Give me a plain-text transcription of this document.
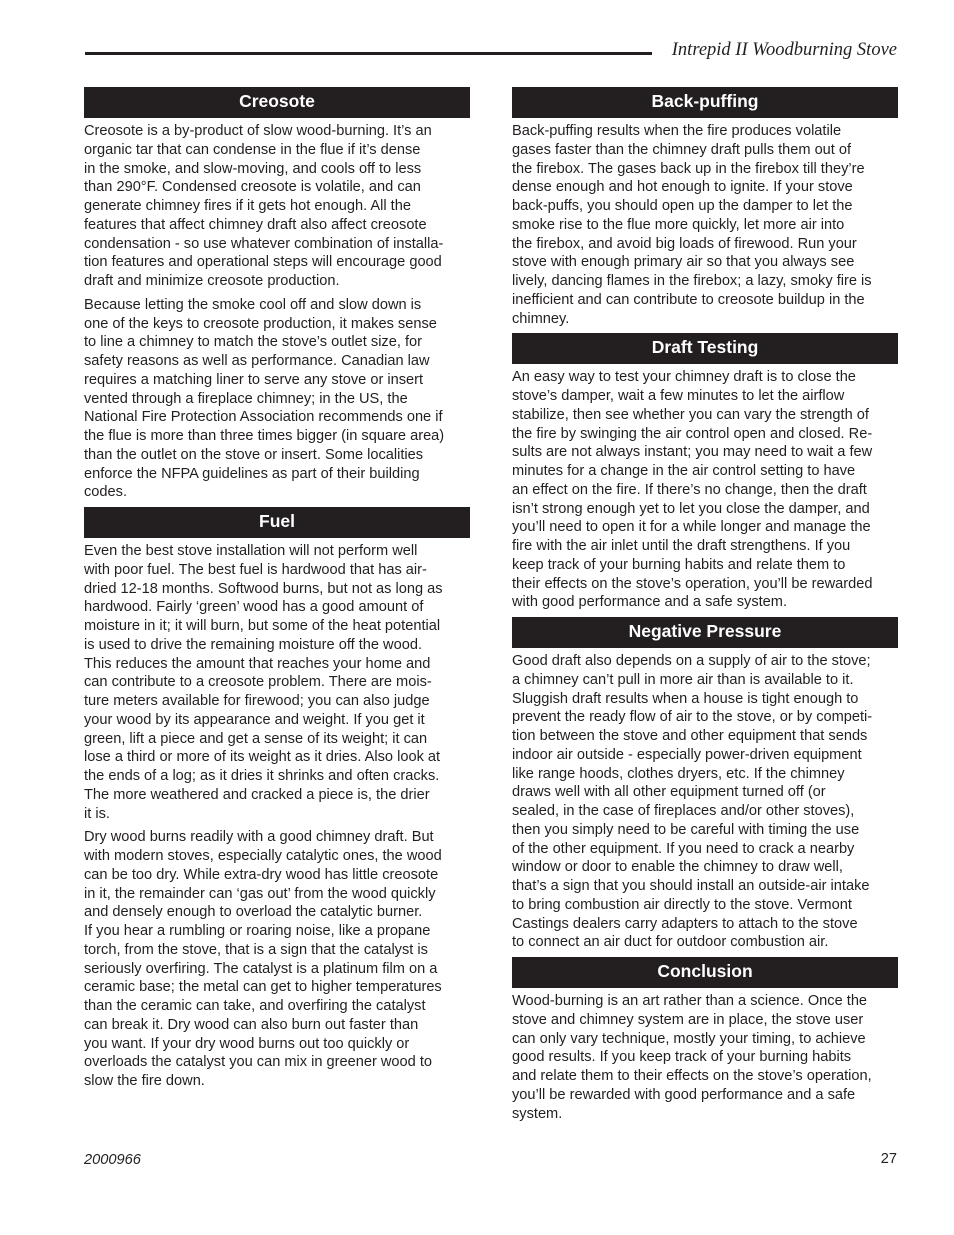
Intrepid II Woodburning Stove
Creosote

Creosote is a by-product of slow wood-burning. It’s an
organic tar that can condense in the flue if it’s dense
in the smoke, and slow-moving, and cools off to less
than 290°F. Condensed creosote is volatile, and can
generate chimney fires if it gets hot enough. All the
features that affect chimney draft also affect creosote
condensation - so use whatever combination of installa-
tion features and operational steps will encourage good
draft and minimize creosote production.

Because letting the smoke cool off and slow down is
one of the keys to creosote production, it makes sense
to line a chimney to match the stove’s outlet size, for
safety reasons as well as performance. Canadian law
requires a matching liner to serve any stove or insert
vented through a fireplace chimney; in the US, the
National Fire Protection Association recommends one if
the flue is more than three times bigger (in square area)
than the outlet on the stove or insert. Some localities
enforce the NFPA guidelines as part of their building
codes.

Fuel

Even the best stove installation will not perform well
with poor fuel. The best fuel is hardwood that has air-
dried 12-18 months. Softwood burns, but not as long as
hardwood. Fairly ‘green’ wood has a good amount of
moisture in it; it will burn, but some of the heat potential
is used to drive the remaining moisture off the wood.
This reduces the amount that reaches your home and
can contribute to a creosote problem. There are mois-
ture meters available for firewood; you can also judge
your wood by its appearance and weight. If you get it
green, lift a piece and get a sense of its weight; it can
lose a third or more of its weight as it dries. Also look at
the ends of a log; as it dries it shrinks and often cracks.
The more weathered and cracked a piece is, the drier
it is.

Dry wood burns readily with a good chimney draft. But
with modern stoves, especially catalytic ones, the wood
can be too dry. While extra-dry wood has little creosote
in it, the remainder can ‘gas out’ from the wood quickly
and densely enough to overload the catalytic burner.
If you hear a rumbling or roaring noise, like a propane
torch, from the stove, that is a sign that the catalyst is
seriously overfiring. The catalyst is a platinum film on a
ceramic base; the metal can get to higher temperatures
than the ceramic can take, and overfiring the catalyst
can break it. Dry wood can also burn out faster than
you want. If your dry wood burns out too quickly or
overloads the catalyst you can mix in greener wood to
slow the fire down.

Back-puffing

Back-puffing results when the fire produces volatile
gases faster than the chimney draft pulls them out of
the firebox. The gases back up in the firebox till they’re
dense enough and hot enough to ignite. If your stove
back-puffs, you should open up the damper to let the
smoke rise to the flue more quickly, let more air into
the firebox, and avoid big loads of firewood. Run your
stove with enough primary air so that you always see
lively, dancing flames in the firebox; a lazy, smoky fire is
inefficient and can contribute to creosote buildup in the
chimney.

Draft Testing

An easy way to test your chimney draft is to close the
stove’s damper, wait a few minutes to let the airflow
stabilize, then see whether you can vary the strength of
the fire by swinging the air control open and closed. Re-
sults are not always instant; you may need to wait a few
minutes for a change in the air control setting to have
an effect on the fire. If there’s no change, then the draft
isn’t strong enough yet to let you close the damper, and
you’ll need to open it for a while longer and manage the
fire with the air inlet until the draft strengthens. If you
keep track of your burning habits and relate them to
their effects on the stove’s operation, you’ll be rewarded
with good performance and a safe system.

Negative Pressure

Good draft also depends on a supply of air to the stove;
a chimney can’t pull in more air than is available to it.
Sluggish draft results when a house is tight enough to
prevent the ready flow of air to the stove, or by competi-
tion between the stove and other equipment that sends
indoor air outside - especially power-driven equipment
like range hoods, clothes dryers, etc. If the chimney
draws well with all other equipment turned off (or
sealed, in the case of fireplaces and/or other stoves),
then you simply need to be careful with timing the use
of the other equipment. If you need to crack a nearby
window or door to enable the chimney to draw well,
that’s a sign that you should install an outside-air intake
to bring combustion air directly to the stove. Vermont
Castings dealers carry adapters to attach to the stove
to connect an air duct for outdoor combustion air.

Conclusion

Wood-burning is an art rather than a science. Once the
stove and chimney system are in place, the stove user
can only vary technique, mostly your timing, to achieve
good results. If you keep track of your burning habits
and relate them to their effects on the stove’s operation,
you’ll be rewarded with good performance and a safe
system.

2000966	27
